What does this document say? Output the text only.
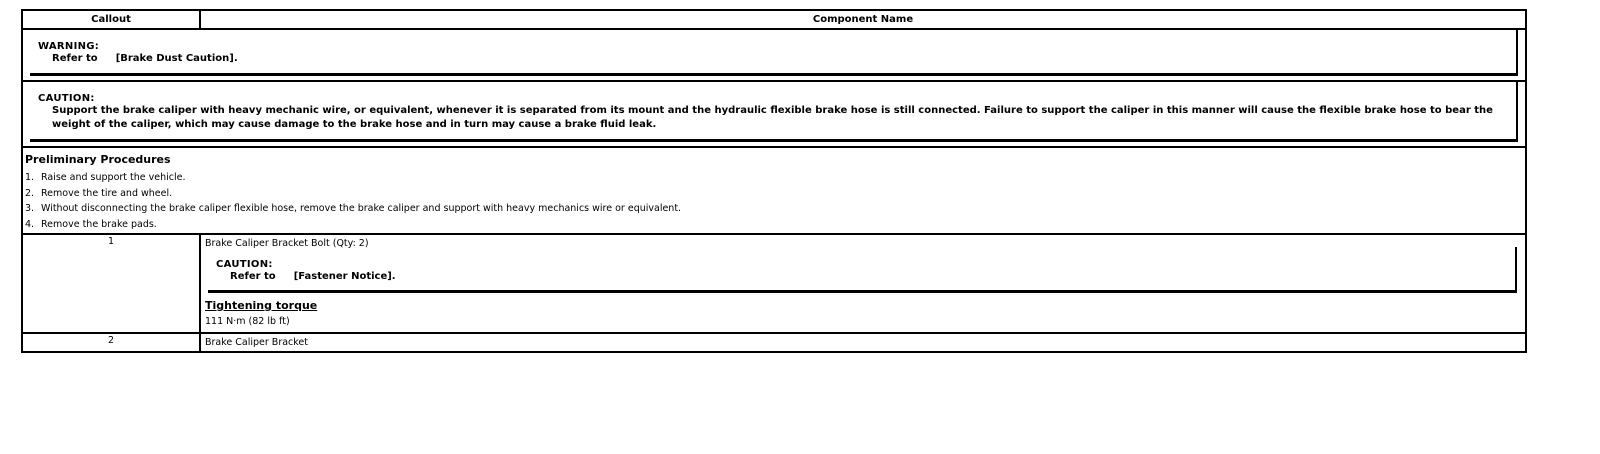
Callout	Component Name

WARNING:
Refer to [Brake Dust Caution].	

CAUTION:
Support the brake caliper with heavy mechanic wire, or equivalent, whenever it is separated from its mount and the hydraulic flexible brake hose is still connected. Failure to support the caliper in this manner will cause the flexible brake hose to bear the weight of the caliper, which may cause damage to the brake hose and in turn may cause a brake fluid leak.	

Preliminary Procedures
1. Raise and support the vehicle.
2. Remove the tire and wheel.
3. Without disconnecting the brake caliper flexible hose, remove the brake caliper and support with heavy mechanics wire or equivalent.
4. Remove the brake pads.	

1	Brake Caliper Bracket Bolt (Qty: 2)
CAUTION:
Refer to [Fastener Notice].
Tightening torque
111 N·m (82 lb ft)

2	Brake Caliper Bracket
